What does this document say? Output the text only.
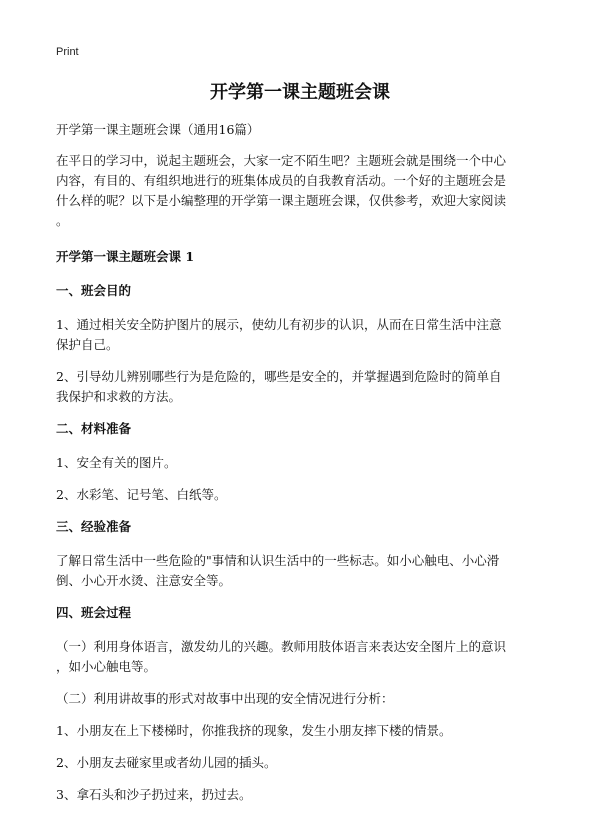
Print
开学第一课主题班会课
开学第一课主题班会课（通用16篇）
在平日的学习中，说起主题班会，大家一定不陌生吧？主题班会就是围绕一个中心
内容，有目的、有组织地进行的班集体成员的自我教育活动。一个好的主题班会是
什么样的呢？以下是小编整理的开学第一课主题班会课，仅供参考，欢迎大家阅读
。
开学第一课主题班会课 1
一、班会目的
1、通过相关安全防护图片的展示，使幼儿有初步的认识，从而在日常生活中注意
保护自己。
2、引导幼儿辨别哪些行为是危险的，哪些是安全的，并掌握遇到危险时的简单自
我保护和求救的方法。
二、材料准备
1、安全有关的图片。
2、水彩笔、记号笔、白纸等。
三、经验准备
了解日常生活中一些危险的"事情和认识生活中的一些标志。如小心触电、小心滑
倒、小心开水烫、注意安全等。
四、班会过程
（一）利用身体语言，激发幼儿的兴趣。教师用肢体语言来表达安全图片上的意识
，如小心触电等。
（二）利用讲故事的形式对故事中出现的安全情况进行分析：
1、小朋友在上下楼梯时，你推我挤的现象，发生小朋友摔下楼的情景。
2、小朋友去碰家里或者幼儿园的插头。
3、拿石头和沙子扔过来，扔过去。
